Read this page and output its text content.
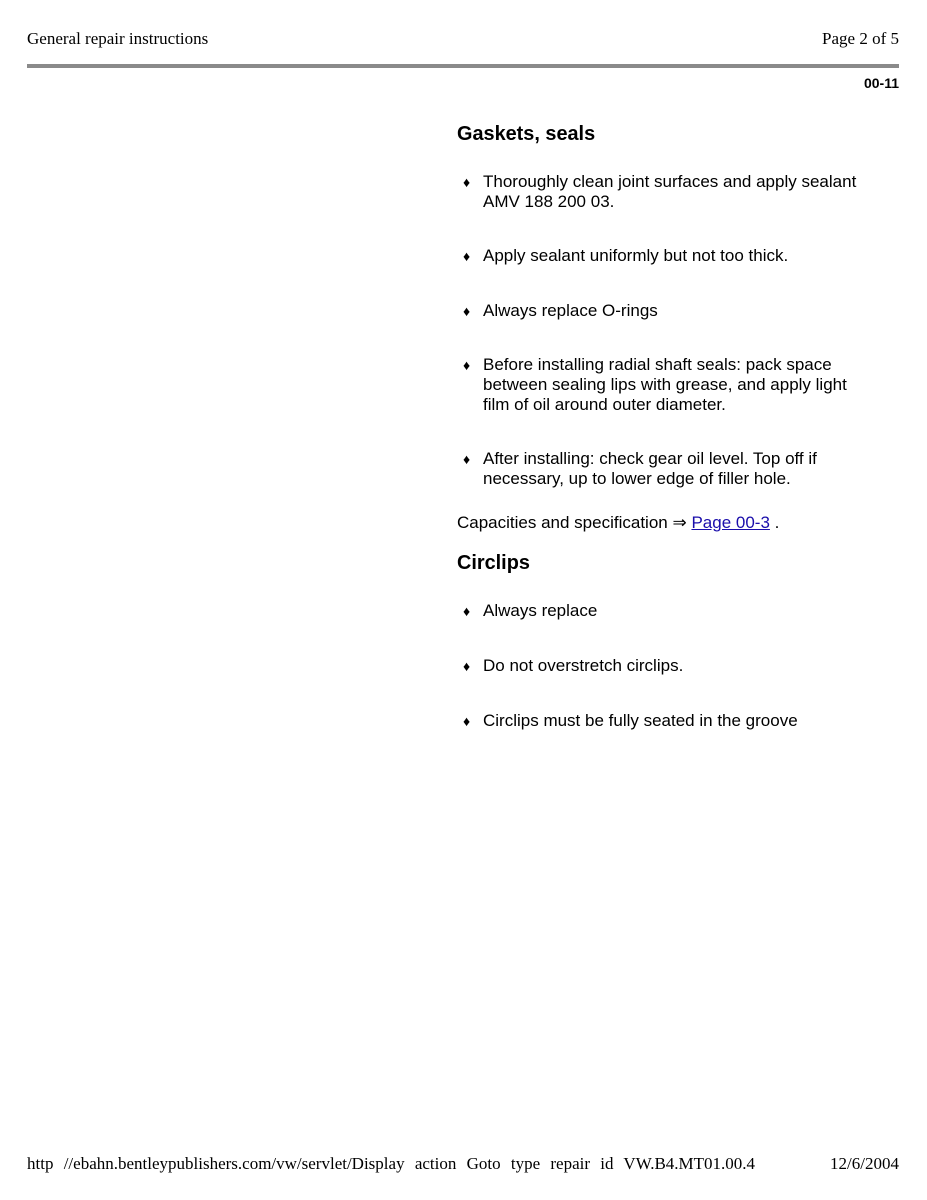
General repair instructions	Page 2 of 5
00-11
Gaskets, seals
♦ Thoroughly clean joint surfaces and apply sealant AMV 188 200 03.
♦ Apply sealant uniformly but not too thick.
♦ Always replace O-rings
♦ Before installing radial shaft seals: pack space between sealing lips with grease, and apply light film of oil around outer diameter.
♦ After installing: check gear oil level. Top off if necessary, up to lower edge of filler hole.

Capacities and specification ⇒ Page 00-3 .

Circlips
♦ Always replace
♦ Do not overstretch circlips.
♦ Circlips must be fully seated in the groove
http //ebahn.bentleypublishers.com/vw/servlet/Display action Goto type repair id VW.B4.MT01.00.4	12/6/2004
